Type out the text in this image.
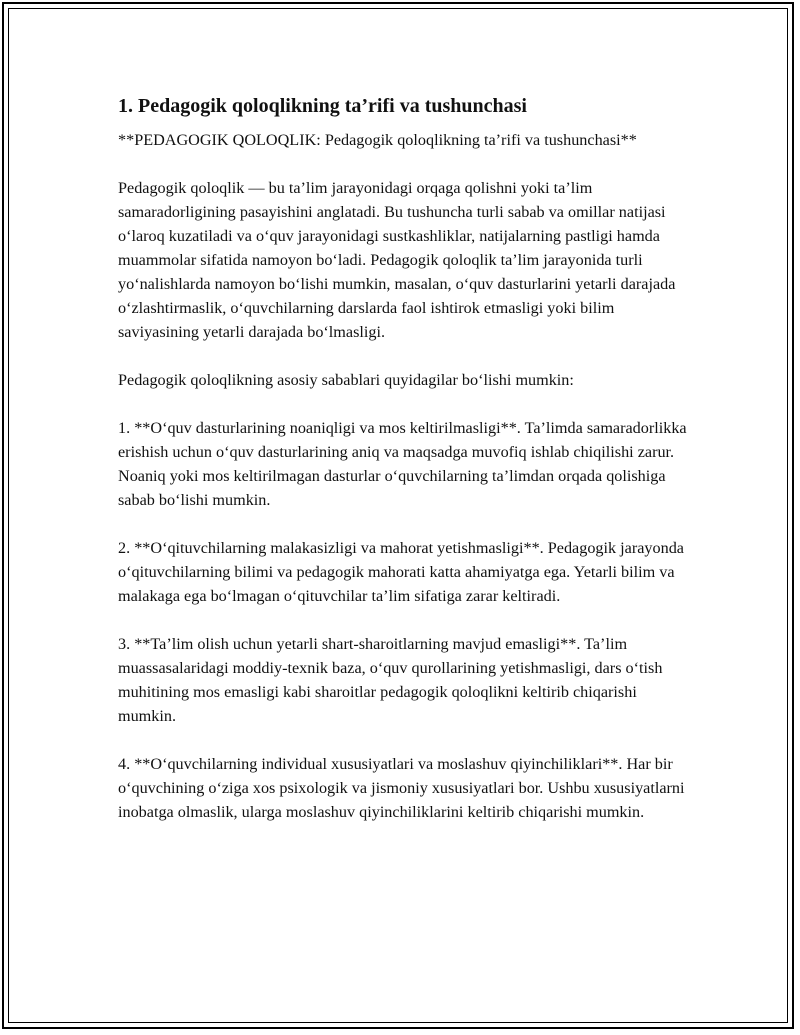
1. Pedagogik qoloqlikning ta’rifi va tushunchasi

**PEDAGOGIK QOLOQLIK: Pedagogik qoloqlikning ta’rifi va tushunchasi**

Pedagogik qoloqlik — bu ta’lim jarayonidagi orqaga qolishni yoki ta’lim samaradorligining pasayishini anglatadi. Bu tushuncha turli sabab va omillar natijasi o‘laroq kuzatiladi va o‘quv jarayonidagi sustkashliklar, natijalarning pastligi hamda muammolar sifatida namoyon bo‘ladi. Pedagogik qoloqlik ta’lim jarayonida turli yo‘nalishlarda namoyon bo‘lishi mumkin, masalan, o‘quv dasturlarini yetarli darajada o‘zlashtirmaslik, o‘quvchilarning darslarda faol ishtirok etmasligi yoki bilim saviyasining yetarli darajada bo‘lmasligi.

Pedagogik qoloqlikning asosiy sabablari quyidagilar bo‘lishi mumkin:

1. **O‘quv dasturlarining noaniqligi va mos keltirilmasligi**. Ta’limda samaradorlikka erishish uchun o‘quv dasturlarining aniq va maqsadga muvofiq ishlab chiqilishi zarur. Noaniq yoki mos keltirilmagan dasturlar o‘quvchilarning ta’limdan orqada qolishiga sabab bo‘lishi mumkin.

2. **O‘qituvchilarning malakasizligi va mahorat yetishmasligi**. Pedagogik jarayonda o‘qituvchilarning bilimi va pedagogik mahorati katta ahamiyatga ega. Yetarli bilim va malakaga ega bo‘lmagan o‘qituvchilar ta’lim sifatiga zarar keltiradi.

3. **Ta’lim olish uchun yetarli shart-sharoitlarning mavjud emasligi**. Ta’lim muassasalaridagi moddiy-texnik baza, o‘quv qurollarining yetishmasligi, dars o‘tish muhitining mos emasligi kabi sharoitlar pedagogik qoloqlikni keltirib chiqarishi mumkin.

4. **O‘quvchilarning individual xususiyatlari va moslashuv qiyinchiliklari**. Har bir o‘quvchining o‘ziga xos psixologik va jismoniy xususiyatlari bor. Ushbu xususiyatlarni inobatga olmaslik, ularga moslashuv qiyinchiliklarini keltirib chiqarishi mumkin.
